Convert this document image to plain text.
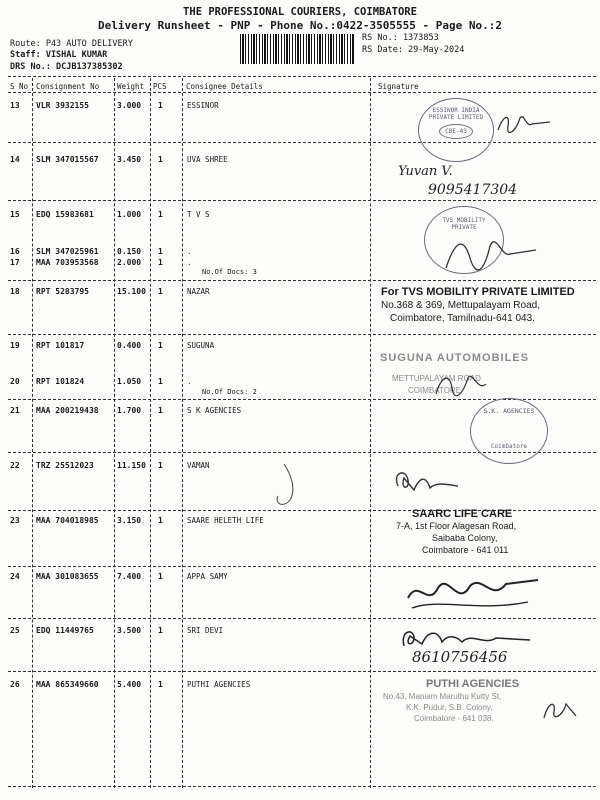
THE PROFESSIONAL COURIERS, COIMBATORE
Delivery Runsheet - PNP - Phone No.:0422-3505555 - Page No.:2
Route: P43 AUTO DELIVERY
Staff: VISHAL KUMAR
DRS No.: DCJB137385302
RS No.: 1373853
RS Date: 29-May-2024
S No Consignment No Weight PCS	Consignee Details	Signature
13 VLR 3932155	3.000 1	ESSINOR
14 SLM 347015567 3.450 1	UVA SHREE
15 EDQ 15983681	1.000 1	T V S
16 SLM 347025961 0.150 1	.
17 MAA 703953568 2.000 1	.
No.Of Docs: 3
18 RPT 5283795	15.100 1	NAZAR
19 RPT 101817	0.400 1	SUGUNA
20 RPT 101824	1.050 1	.
No.Of Docs: 2
21 MAA 200219438 1.700 1	S K AGENCIES
22 TRZ 25512023	11.150 1	VAMAN
23 MAA 704018985 3.150 1	SAARE HELETH LIFE
24 MAA 301083655 7.400 1	APPA SAMY
25 EDQ 11449765	3.500 1	SRI DEVI
26 MAA 865349660 5.400 1	PUTHI AGENCIES
ESSINOR INDIA PRIVATE LIMITED
CBE-43
Yuvan V.
9095417304
TVS MOBILITY PRIVATE
For TVS MOBILITY PRIVATE LIMITED
No.368 & 369, Mettupalayam Road,
Coimbatore, Tamilnadu-641 043.
SUGUNA AUTOMOBILES
METTUPALAYAM ROAD
COIMBATORE
S.K. AGENCIES
Coimbatore
SAARC LIFE CARE
7-A, 1st Floor Alagesan Road,
Saibaba Colony,
Coimbatore - 641 011
8610756456
PUTHI AGENCIES
No.43, Maniam Maruthu Kutty St,
K.K. Pudur, S.B. Colony,
Coimbatore - 641 038.
